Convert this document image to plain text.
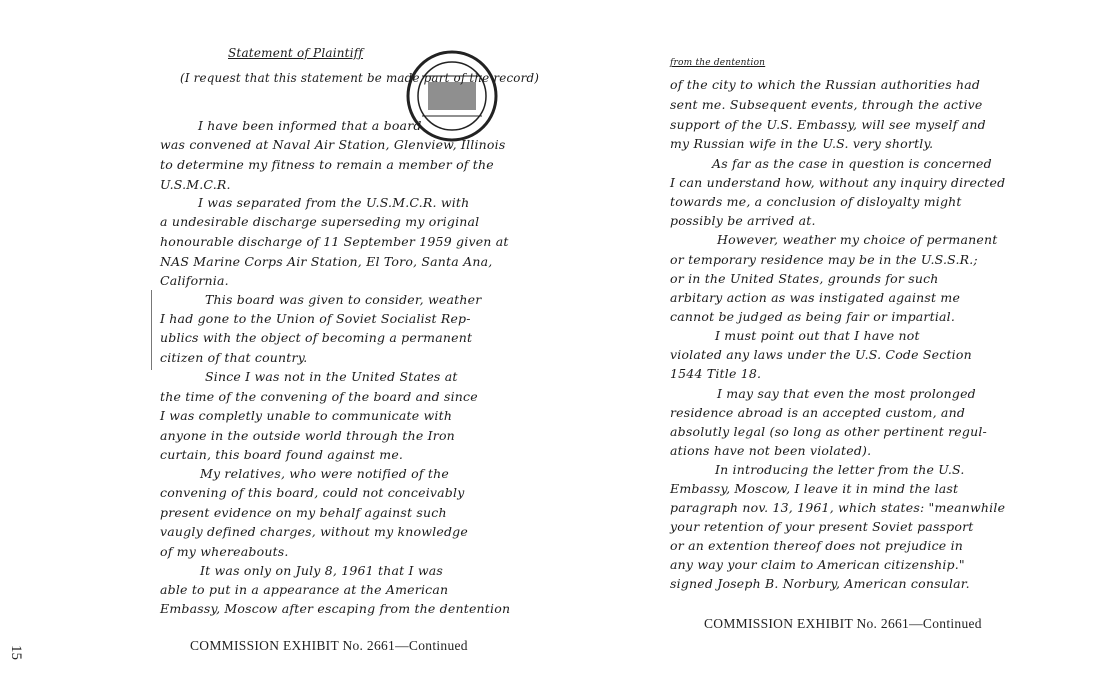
15
Statement of Plaintiff
(I request that this statement be made part of the record)
I have been informed that a board
was convened at Naval Air Station, Glenview, Illinois
to determine my fitness to remain a member of the
U.S.M.C.R.
I was separated from the U.S.M.C.R. with
a undesirable discharge superseding my original
honourable discharge of 11 September 1959 given at
NAS Marine Corps Air Station, El Toro, Santa Ana,
California.
This board was given to consider, weather
I had gone to the Union of Soviet Socialist Rep-
ublics with the object of becoming a permanent
citizen of that country.
Since I was not in the United States at
the time of the convening of the board and since
I was completly unable to communicate with
anyone in the outside world through the Iron
curtain, this board found against me.
My relatives, who were notified of the
convening of this board, could not conceivably
present evidence on my behalf against such
vaugly defined charges, without my knowledge
of my whereabouts.
It was only on July 8, 1961 that I was
able to put in a appearance at the American
Embassy, Moscow after escaping from the dentention
COMMISSION EXHIBIT No. 2661—Continued
from the dentention
of the city to which the Russian authorities had
sent me. Subsequent events, through the active
support of the U.S. Embassy, will see myself and
my Russian wife in the U.S. very shortly.
As far as the case in question is concerned
I can understand how, without any inquiry directed
towards me, a conclusion of disloyalty might
possibly be arrived at.
However, weather my choice of permanent
or temporary residence may be in the U.S.S.R.;
or in the United States, grounds for such
arbitary action as was instigated against me
cannot be judged as being fair or impartial.
I must point out that I have not
violated any laws under the U.S. Code Section
1544 Title 18.
I may say that even the most prolonged
residence abroad is an accepted custom, and
absolutly legal (so long as other pertinent regul-
ations have not been violated).
In introducing the letter from the U.S.
Embassy, Moscow, I leave it in mind the last
paragraph nov. 13, 1961, which states: "meanwhile
your retention of your present Soviet passport
or an extention thereof does not prejudice in
any way your claim to American citizenship."
signed Joseph B. Norbury, American consular.
COMMISSION EXHIBIT No. 2661—Continued
